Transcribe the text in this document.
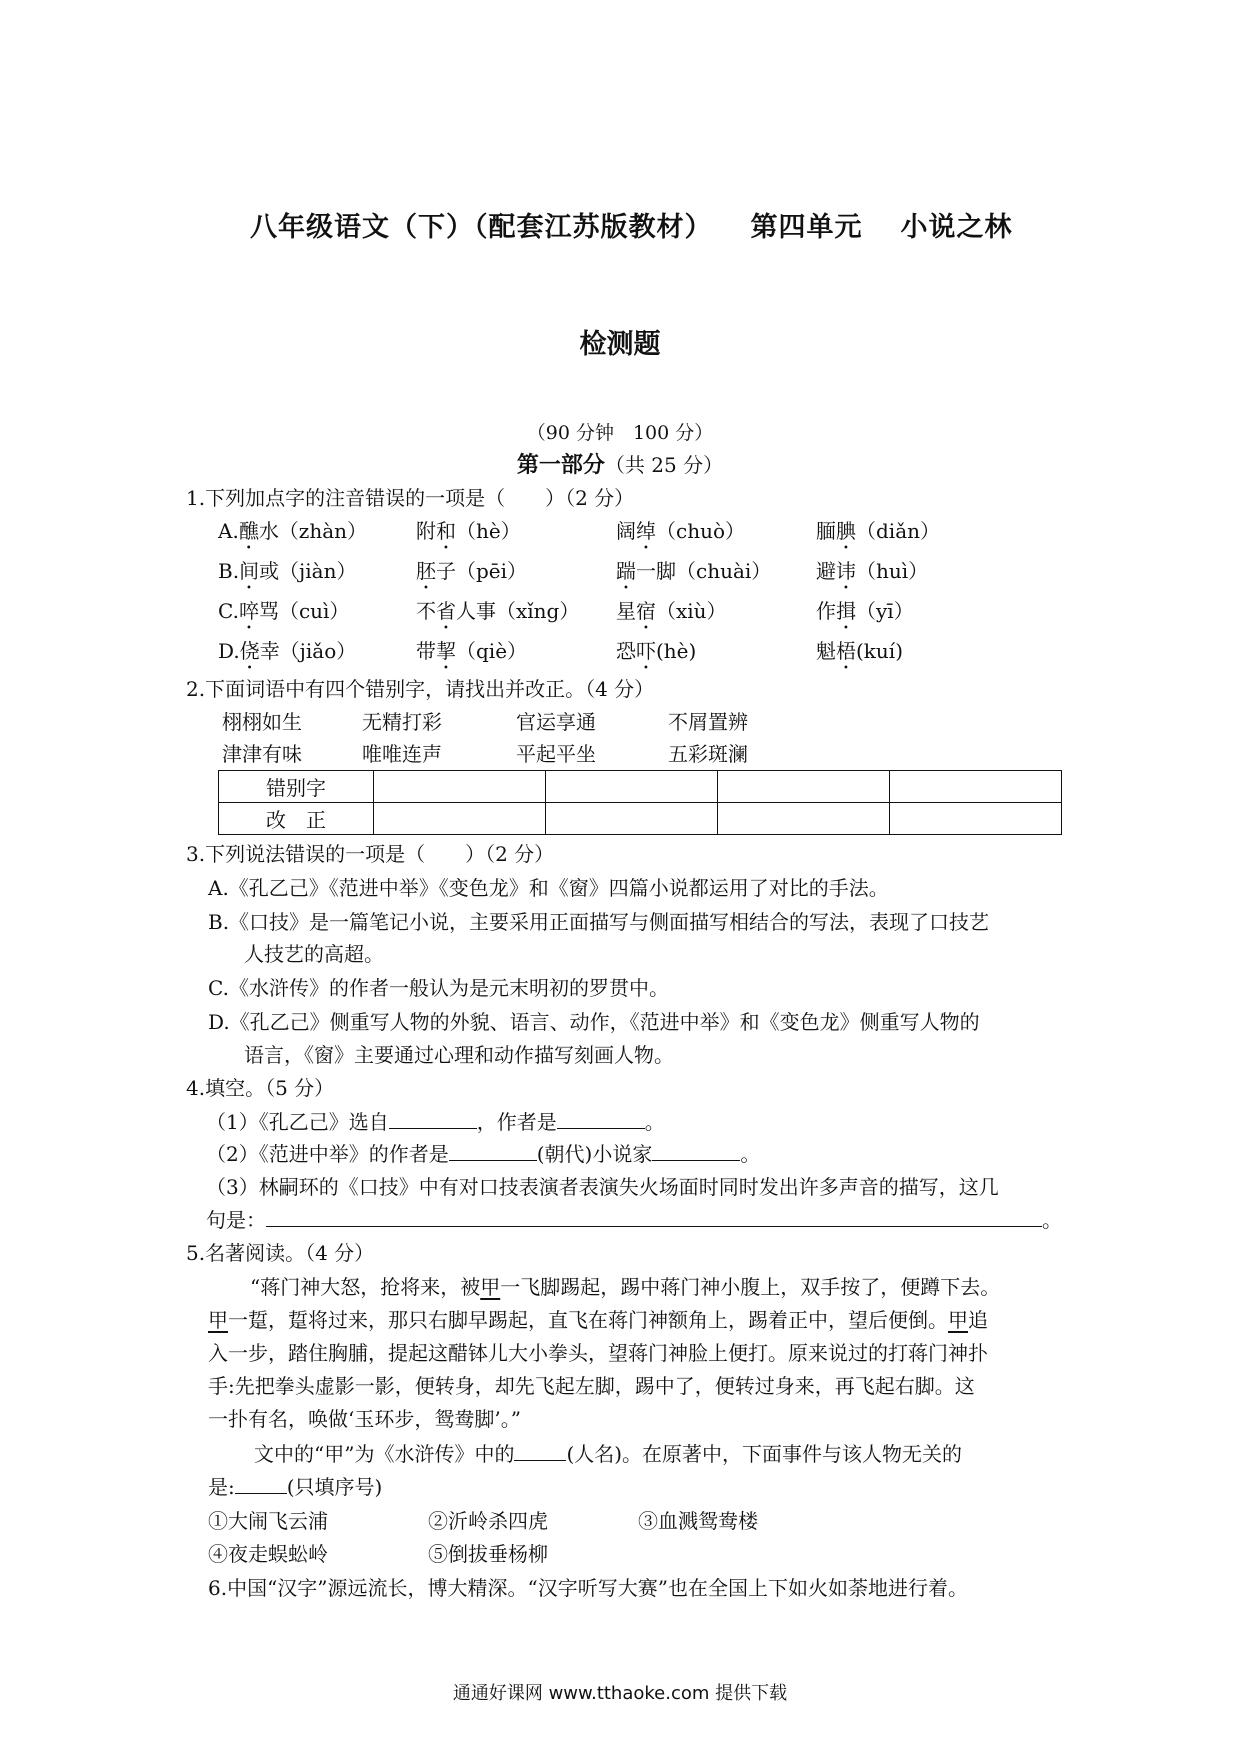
八年级语文（下）（配套江苏版教材） 第四单元 小说之林
检测题
（90 分钟　100 分）
第一部分（共 25 分）
1.下列加点字的注音错误的一项是（　　）（2 分）
A.醮水（zhàn） 附和（hè）	阔绰（chuò）	腼腆（diǎn）
B.间或（jiàn）	胚子（pēi）	踹一脚（chuài） 避讳（huì）
C.啐骂（cuì）	不省人事（xǐng） 星宿（xiù）	作揖（yī）
D.侥幸（jiǎo）	带挈（qiè）	恐吓(hè)	魁梧(kuí)
2.下面词语中有四个错别字，请找出并改正。（4 分）
栩栩如生	无精打彩	官运享通	不屑置辨
津津有味	唯唯连声	平起平坐	五彩斑澜
错别字				
改　正				
3.下列说法错误的一项是（　　）（2 分）
A.《孔乙己》《范进中举》《变色龙》和《窗》四篇小说都运用了对比的手法。
B.《口技》是一篇笔记小说，主要采用正面描写与侧面描写相结合的写法，表现了口技艺
人技艺的高超。
C.《水浒传》的作者一般认为是元末明初的罗贯中。
D.《孔乙己》侧重写人物的外貌、语言、动作，《范进中举》和《变色龙》侧重写人物的
语言，《窗》主要通过心理和动作描写刻画人物。
4.填空。（5 分）
（1）《孔乙己》选自	，作者是	。
（2）《范进中举》的作者是	(朝代)小说家	。
（3）林嗣环的《口技》中有对口技表演者表演失火场面时同时发出许多声音的描写，这几
句是：	。
5.名著阅读。（4 分）
“蒋门神大怒，抢将来，被甲一飞脚踢起，踢中蒋门神小腹上，双手按了，便蹲下去。
甲一踅，踅将过来，那只右脚早踢起，直飞在蒋门神额角上，踢着正中，望后便倒。甲追
入一步，踏住胸脯，提起这醋钵儿大小拳头，望蒋门神脸上便打。原来说过的打蒋门神扑
手:先把拳头虚影一影，便转身，却先飞起左脚，踢中了，便转过身来，再飞起右脚。这
一扑有名，唤做‘玉环步，鸳鸯脚’。”
文中的“甲”为《水浒传》中的	(人名)。在原著中，下面事件与该人物无关的
是:	(只填序号)
①大闹飞云浦	②沂岭杀四虎	③血溅鸳鸯楼
④夜走蜈蚣岭	⑤倒拔垂杨柳
6.中国“汉字”源远流长，博大精深。“汉字听写大赛”也在全国上下如火如荼地进行着。
通通好课网 www.tthaoke.com 提供下载
